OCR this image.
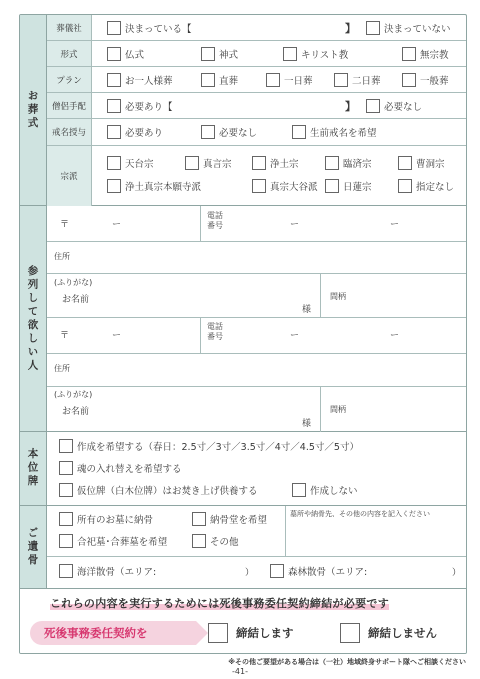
お葬式
葬儀社	決まっている【	】	決まっていない
形式	仏式	神式	キリスト教	無宗教
プラン	お一人様葬	直葬	一日葬	二日葬	一般葬
僧侶手配	必要あり【	】	必要なし
戒名授与	必要あり	必要なし	生前戒名を希望
宗派
天台宗	真言宗	浄土宗	臨済宗	曹洞宗
浄土真宗本願寺派	真宗大谷派	日蓮宗	指定なし
参列して欲しい人
〒	ー
電話番号	ー	ー
住所
(ふりがな)
お名前
様
間柄
〒	ー
電話番号	ー	ー
住所
(ふりがな)
お名前
様
間柄
本位牌
作成を希望する（春日：2.5寸／3寸／3.5寸／4寸／4.5寸／5寸）
魂の入れ替えを希望する
仮位牌（白木位牌）はお焚き上げ供養する	作成しない
ご遺骨
所有のお墓に納骨	納骨堂を希望
合祀墓･合葬墓を希望	その他
墓所や納骨先、その他の内容を記入ください
海洋散骨（エリア:	）	森林散骨（エリア:	）
これらの内容を実行するためには死後事務委任契約締結が必要です
死後事務委任契約を	締結します	締結しません
※その他ご要望がある場合は（一社）地域終身サポート隊へご相談ください
-41-
